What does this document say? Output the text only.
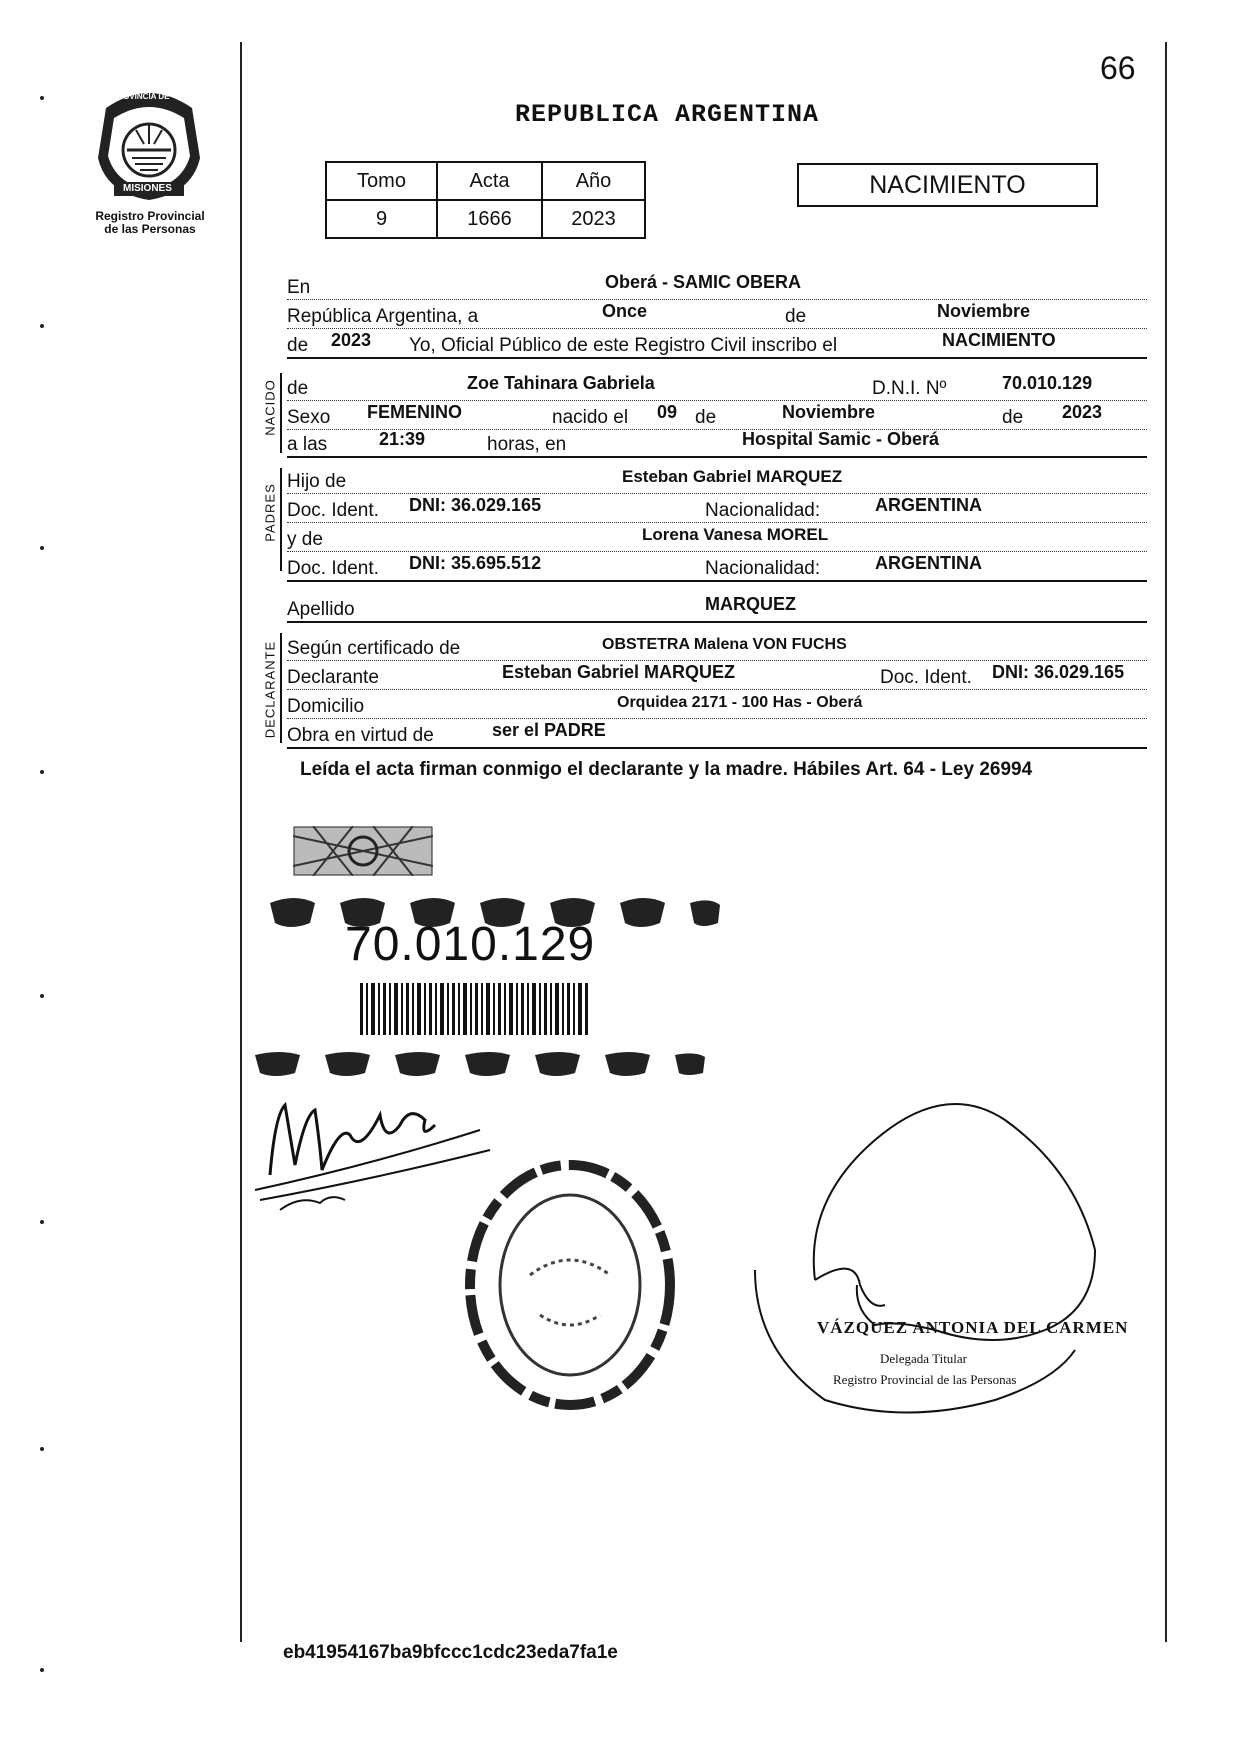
PROVINCIA DE
MISIONES
Registro Provincial
de las Personas
66
REPUBLICA ARGENTINA
Tomo	Acta	Año
9	1666	2023
NACIMIENTO
En	Oberá - SAMIC OBERA
República Argentina, a	Once	de	Noviembre
de 2023 Yo, Oficial Público de este Registro Civil inscribo el	NACIMIENTO
NACIDO de	Zoe Tahinara Gabriela	D.N.I. Nº	70.010.129
Sexo FEMENINO	nacido el 09 de	Noviembre	de 2023
a las	21:39	horas, en	Hospital Samic - Oberá
PADRES
Hijo de	Esteban Gabriel MARQUEZ
Doc. Ident. DNI: 36.029.165	Nacionalidad:	ARGENTINA
y de	Lorena Vanesa MOREL
Doc. Ident. DNI: 35.695.512	Nacionalidad:	ARGENTINA
Apellido	MARQUEZ
DECLARANTE Según certificado de	OBSTETRA Malena VON FUCHS
Declarante	Esteban Gabriel MARQUEZ	Doc. Ident. DNI: 36.029.165
Domicilio	Orquidea 2171 - 100 Has - Oberá
Obra en virtud de	ser el PADRE
Leída el acta firman conmigo el declarante y la madre. Hábiles Art. 64 - Ley 26994
70.010.129
VÁZQUEZ ANTONIA DEL CARMEN
Delegada Titular
Registro Provincial de las Personas
eb41954167ba9bfccc1cdc23eda7fa1e
